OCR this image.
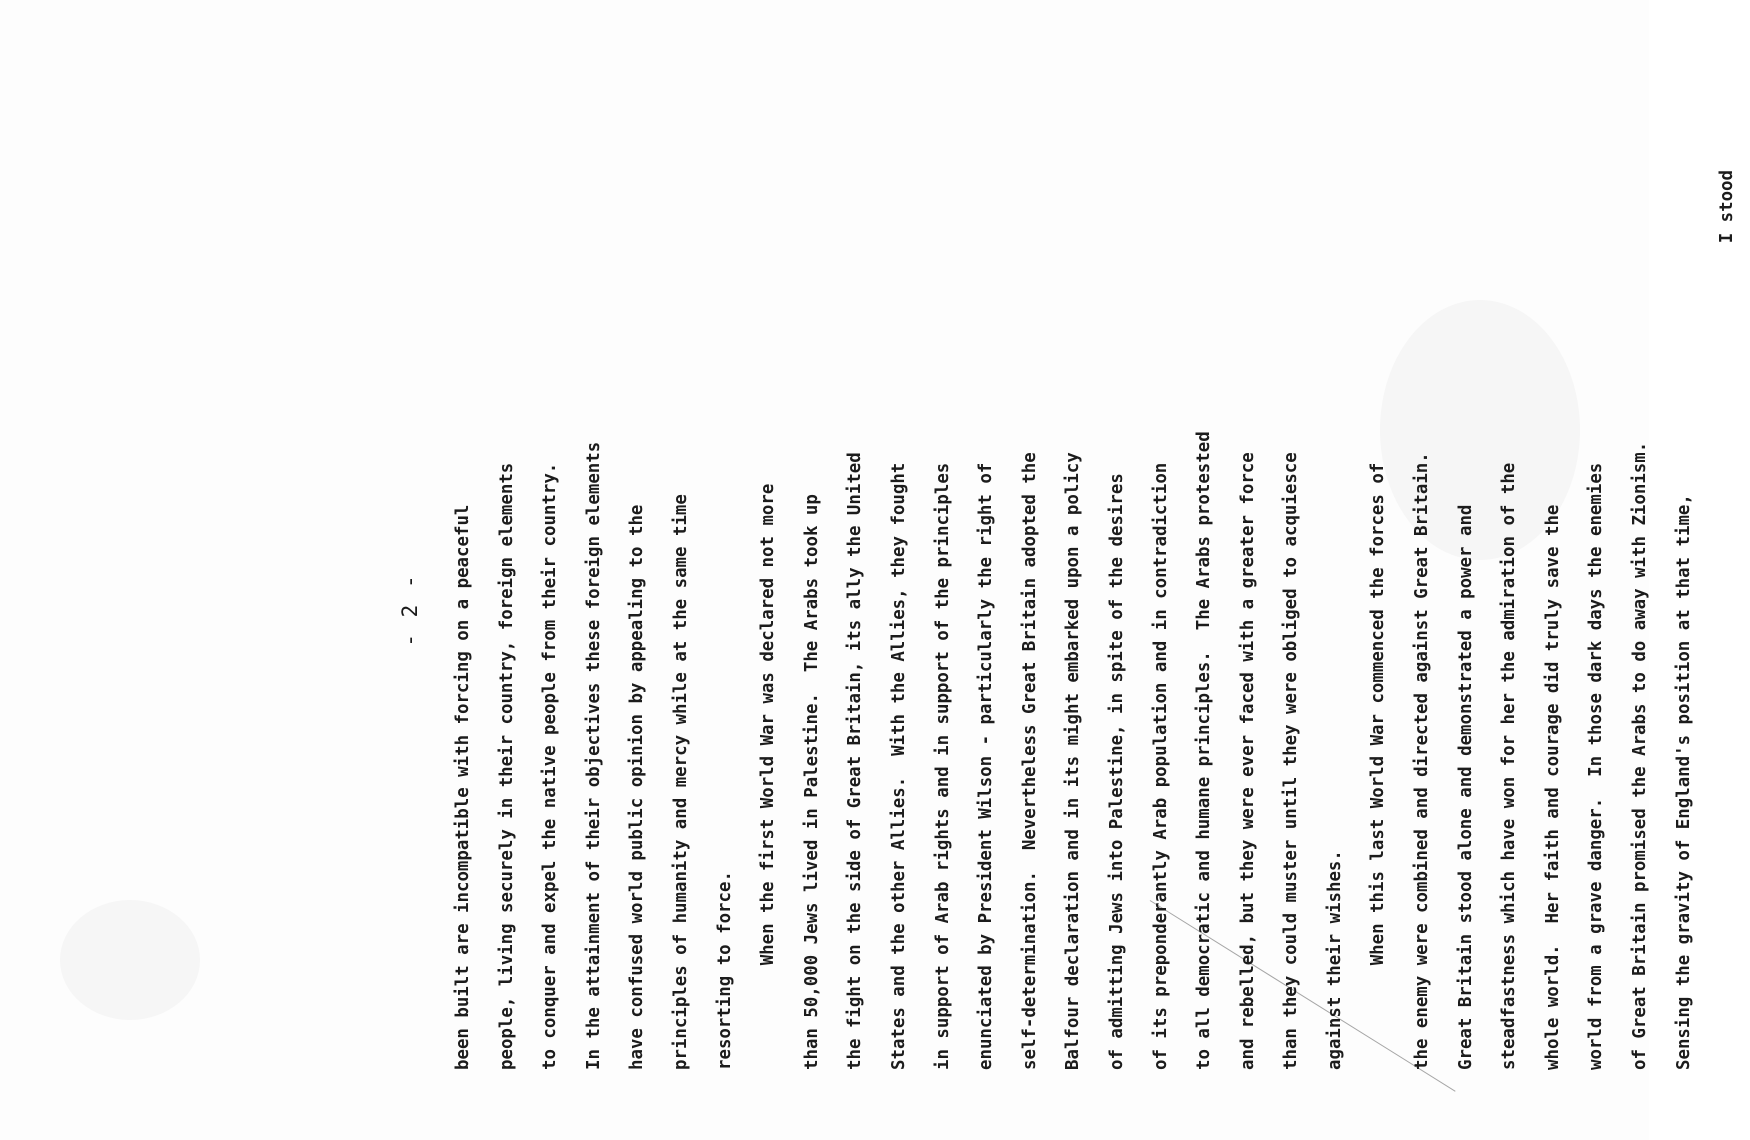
- 2 -	been built are incompatible with forcing on a peaceful	people, living securely in their country, foreign elements	to conquer and expel the native people from their country.	In the attainment of their objectives these foreign elements	have confused world public opinion by appealing to the	principles of humanity and mercy while at the same time	resorting to force.	When the first World War was declared not more	than 50,000 Jews lived in Palestine.  The Arabs took up	the fight on the side of Great Britain, its ally the United	States and the other Allies.  With the Allies, they fought	in support of Arab rights and in support of the principles	enunciated by President Wilson - particularly the right of	self-determination.  Nevertheless Great Britain adopted the	Balfour declaration and in its might embarked upon a policy	of admitting Jews into Palestine, in spite of the desires	of its preponderantly Arab population and in contradiction	to all democratic and humane principles.  The Arabs protested	and rebelled, but they were ever faced with a greater force	than they could muster until they were obliged to acquiesce	against their wishes.	When this last World War commenced the forces of	the enemy were combined and directed against Great Britain.	Great Britain stood alone and demonstrated a power and	steadfastness which have won for her the admiration of the	whole world.  Her faith and courage did truly save the	world from a grave danger.  In those dark days the enemies	of Great Britain promised the Arabs to do away with Zionism.	Sensing the gravity of England's position at that time,
I stood
